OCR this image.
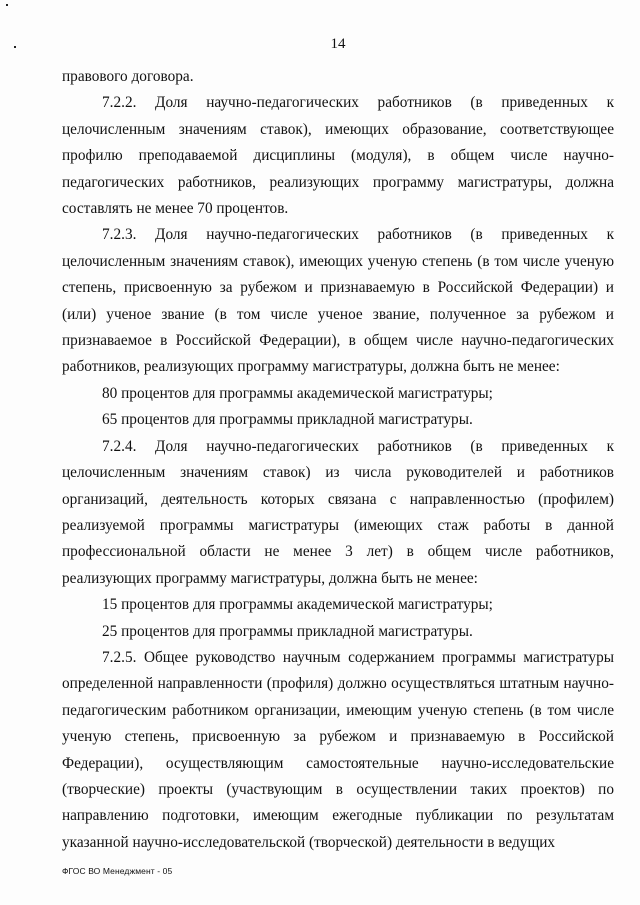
14

правового договора.

7.2.2. Доля научно-педагогических работников (в приведенных к целочисленным значениям ставок), имеющих образование, соответствующее профилю преподаваемой дисциплины (модуля), в общем числе научно-педагогических работников, реализующих программу магистратуры, должна составлять не менее 70 процентов.

7.2.3. Доля научно-педагогических работников (в приведенных к целочисленным значениям ставок), имеющих ученую степень (в том числе ученую степень, присвоенную за рубежом и признаваемую в Российской Федерации) и (или) ученое звание (в том числе ученое звание, полученное за рубежом и признаваемое в Российской Федерации), в общем числе научно-педагогических работников, реализующих программу магистратуры, должна быть не менее:

80 процентов для программы академической магистратуры;

65 процентов для программы прикладной магистратуры.

7.2.4. Доля научно-педагогических работников (в приведенных к целочисленным значениям ставок) из числа руководителей и работников организаций, деятельность которых связана с направленностью (профилем) реализуемой программы магистратуры (имеющих стаж работы в данной профессиональной области не менее 3 лет) в общем числе работников, реализующих программу магистратуры, должна быть не менее:

15 процентов для программы академической магистратуры;

25 процентов для программы прикладной магистратуры.

7.2.5. Общее руководство научным содержанием программы магистратуры определенной направленности (профиля) должно осуществляться штатным научно-педагогическим работником организации, имеющим ученую степень (в том числе ученую степень, присвоенную за рубежом и признаваемую в Российской Федерации), осуществляющим самостоятельные научно-исследовательские (творческие) проекты (участвующим в осуществлении таких проектов) по направлению подготовки, имеющим ежегодные публикации по результатам указанной научно-исследовательской (творческой) деятельности в ведущих

ФГОС ВО Менеджмент - 05
